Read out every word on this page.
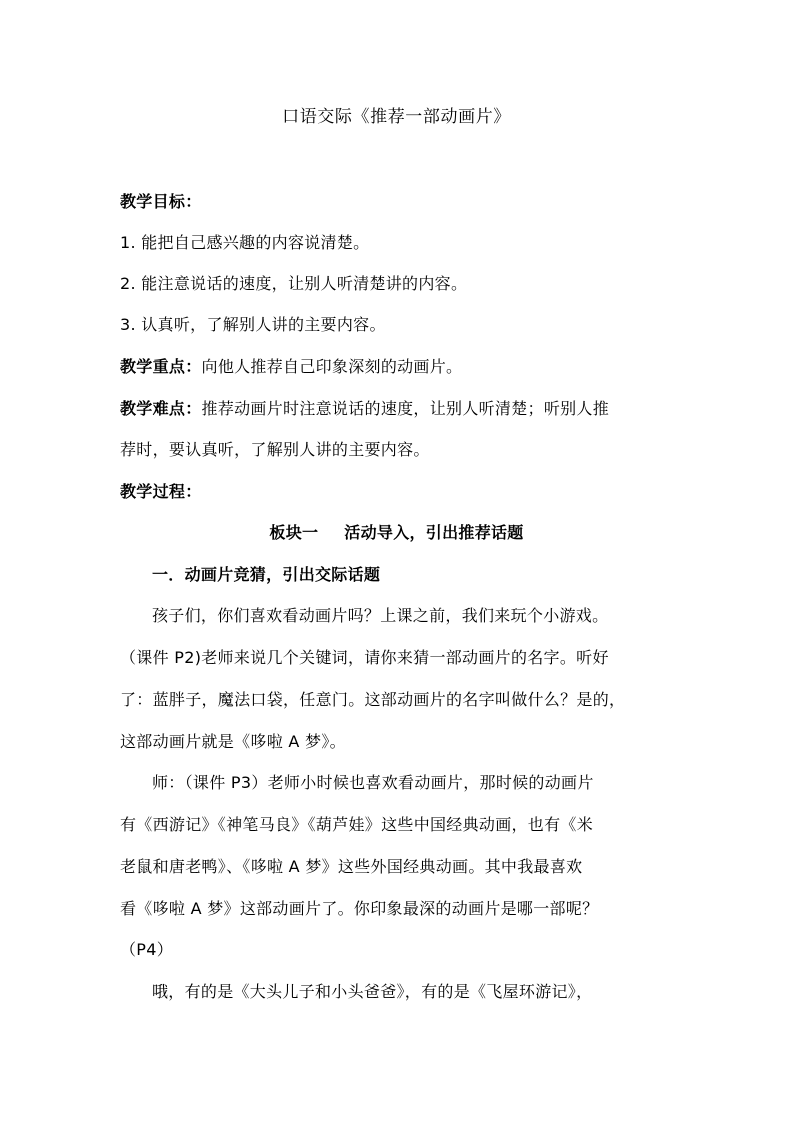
口语交际《推荐一部动画片》
教学目标：
1. 能把自己感兴趣的内容说清楚。
2. 能注意说话的速度，让别人听清楚讲的内容。
3. 认真听，了解别人讲的主要内容。
教学重点：向他人推荐自己印象深刻的动画片。
教学难点：推荐动画片时注意说话的速度，让别人听清楚；听别人推
荐时，要认真听，了解别人讲的主要内容。
教学过程：
板块一 活动导入，引出推荐话题
一．动画片竞猜，引出交际话题
孩子们，你们喜欢看动画片吗？上课之前，我们来玩个小游戏。
（课件 P2)老师来说几个关键词，请你来猜一部动画片的名字。听好
了：蓝胖子，魔法口袋，任意门。这部动画片的名字叫做什么？是的，
这部动画片就是《哆啦 A 梦》。
师：（课件 P3）老师小时候也喜欢看动画片，那时候的动画片
有《西游记》《神笔马良》《葫芦娃》这些中国经典动画，也有《米
老鼠和唐老鸭》、《哆啦 A 梦》这些外国经典动画。其中我最喜欢
看《哆啦 A 梦》这部动画片了。你印象最深的动画片是哪一部呢？
（P4）
哦，有的是《大头儿子和小头爸爸》，有的是《飞屋环游记》，
